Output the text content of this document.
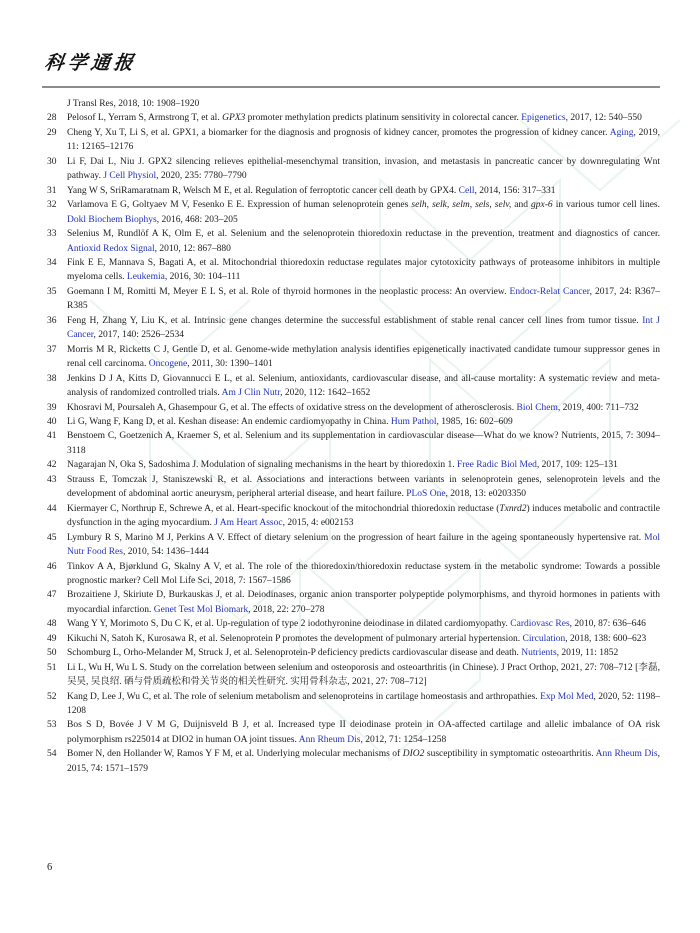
科学通报
J Transl Res, 2018, 10: 1908–1920
28	Pelosof L, Yerram S, Armstrong T, et al. GPX3 promoter methylation predicts platinum sensitivity in colorectal cancer. Epigenetics, 2017, 12: 540–550
29	Cheng Y, Xu T, Li S, et al. GPX1, a biomarker for the diagnosis and prognosis of kidney cancer, promotes the progression of kidney cancer. Aging, 2019, 11: 12165–12176
30	Li F, Dai L, Niu J. GPX2 silencing relieves epithelial-mesenchymal transition, invasion, and metastasis in pancreatic cancer by downregulating Wnt pathway. J Cell Physiol, 2020, 235: 7780–7790
31	Yang W S, SriRamaratnam R, Welsch M E, et al. Regulation of ferroptotic cancer cell death by GPX4. Cell, 2014, 156: 317–331
32	Varlamova E G, Goltyaev M V, Fesenko E E. Expression of human selenoprotein genes selh, selk, selm, sels, selv, and gpx-6 in various tumor cell lines. Dokl Biochem Biophys, 2016, 468: 203–205
33	Selenius M, Rundlöf A K, Olm E, et al. Selenium and the selenoprotein thioredoxin reductase in the prevention, treatment and diagnostics of cancer. Antioxid Redox Signal, 2010, 12: 867–880
34	Fink E E, Mannava S, Bagati A, et al. Mitochondrial thioredoxin reductase regulates major cytotoxicity pathways of proteasome inhibitors in multiple myeloma cells. Leukemia, 2016, 30: 104–111
35	Goemann I M, Romitti M, Meyer E L S, et al. Role of thyroid hormones in the neoplastic process: An overview. Endocr-Relat Cancer, 2017, 24: R367–R385
36	Feng H, Zhang Y, Liu K, et al. Intrinsic gene changes determine the successful establishment of stable renal cancer cell lines from tumor tissue. Int J Cancer, 2017, 140: 2526–2534
37	Morris M R, Ricketts C J, Gentle D, et al. Genome-wide methylation analysis identifies epigenetically inactivated candidate tumour suppressor genes in renal cell carcinoma. Oncogene, 2011, 30: 1390–1401
38	Jenkins D J A, Kitts D, Giovannucci E L, et al. Selenium, antioxidants, cardiovascular disease, and all-cause mortality: A systematic review and meta-analysis of randomized controlled trials. Am J Clin Nutr, 2020, 112: 1642–1652
39	Khosravi M, Poursaleh A, Ghasempour G, et al. The effects of oxidative stress on the development of atherosclerosis. Biol Chem, 2019, 400: 711–732
40	Li G, Wang F, Kang D, et al. Keshan disease: An endemic cardiomyopathy in China. Hum Pathol, 1985, 16: 602–609
41	Benstoem C, Goetzenich A, Kraemer S, et al. Selenium and its supplementation in cardiovascular disease—What do we know? Nutrients, 2015, 7: 3094–3118
42	Nagarajan N, Oka S, Sadoshima J. Modulation of signaling mechanisms in the heart by thioredoxin 1. Free Radic Biol Med, 2017, 109: 125–131
43	Strauss E, Tomczak J, Staniszewski R, et al. Associations and interactions between variants in selenoprotein genes, selenoprotein levels and the development of abdominal aortic aneurysm, peripheral arterial disease, and heart failure. PLoS One, 2018, 13: e0203350
44	Kiermayer C, Northrup E, Schrewe A, et al. Heart-specific knockout of the mitochondrial thioredoxin reductase (Txnrd2) induces metabolic and contractile dysfunction in the aging myocardium. J Am Heart Assoc, 2015, 4: e002153
45	Lymbury R S, Marino M J, Perkins A V. Effect of dietary selenium on the progression of heart failure in the ageing spontaneously hypertensive rat. Mol Nutr Food Res, 2010, 54: 1436–1444
46	Tinkov A A, Bjørklund G, Skalny A V, et al. The role of the thioredoxin/thioredoxin reductase system in the metabolic syndrome: Towards a possible prognostic marker? Cell Mol Life Sci, 2018, 7: 1567–1586
47	Brozaitiene J, Skiriute D, Burkauskas J, et al. Deiodinases, organic anion transporter polypeptide polymorphisms, and thyroid hormones in patients with myocardial infarction. Genet Test Mol Biomark, 2018, 22: 270–278
48	Wang Y Y, Morimoto S, Du C K, et al. Up-regulation of type 2 iodothyronine deiodinase in dilated cardiomyopathy. Cardiovasc Res, 2010, 87: 636–646
49	Kikuchi N, Satoh K, Kurosawa R, et al. Selenoprotein P promotes the development of pulmonary arterial hypertension. Circulation, 2018, 138: 600–623
50	Schomburg L, Orho-Melander M, Struck J, et al. Selenoprotein-P deficiency predicts cardiovascular disease and death. Nutrients, 2019, 11: 1852
51	Li L, Wu H, Wu L S. Study on the correlation between selenium and osteoporosis and osteoarthritis (in Chinese). J Pract Orthop, 2021, 27: 708–712 [李磊, 吴昊, 吴良绍. 硒与骨质疏松和骨关节炎的相关性研究. 实用骨科杂志, 2021, 27: 708–712]
52	Kang D, Lee J, Wu C, et al. The role of selenium metabolism and selenoproteins in cartilage homeostasis and arthropathies. Exp Mol Med, 2020, 52: 1198–1208
53	Bos S D, Bovée J V M G, Duijnisveld B J, et al. Increased type II deiodinase protein in OA-affected cartilage and allelic imbalance of OA risk polymorphism rs225014 at DIO2 in human OA joint tissues. Ann Rheum Dis, 2012, 71: 1254–1258
54	Bomer N, den Hollander W, Ramos Y F M, et al. Underlying molecular mechanisms of DIO2 susceptibility in symptomatic osteoarthritis. Ann Rheum Dis, 2015, 74: 1571–1579
6
